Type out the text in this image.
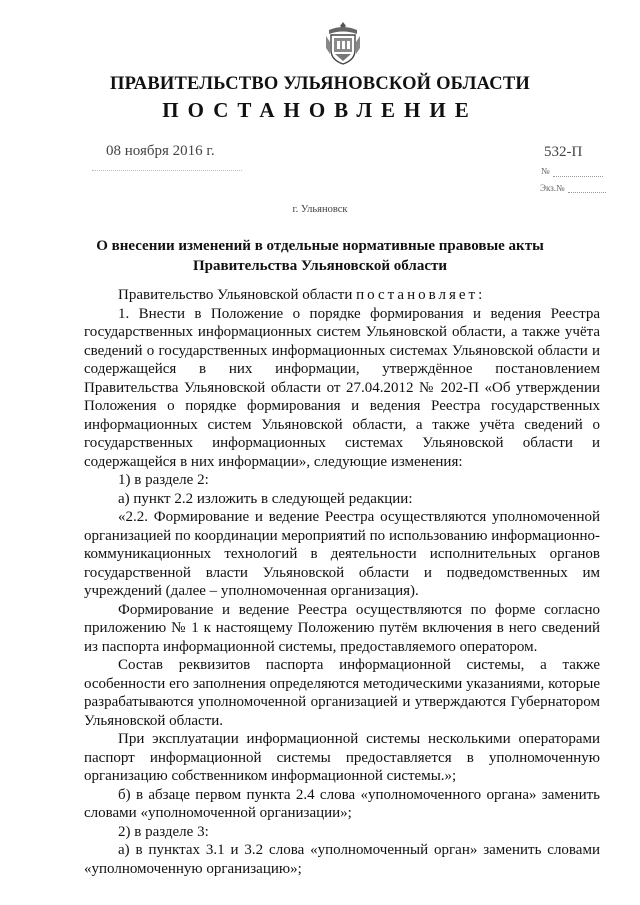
ПРАВИТЕЛЬСТВО УЛЬЯНОВСКОЙ ОБЛАСТИ
ПОСТАНОВЛЕНИЕ
08 ноября 2016 г.	532-П
№
Экз.№
г. Ульяновск
О внесении изменений в отдельные нормативные правовые акты
Правительства Ульяновской области

Правительство Ульяновской области постановляет:

1. Внести в Положение о порядке формирования и ведения Реестра государственных информационных систем Ульяновской области, а также учёта сведений о государственных информационных системах Ульяновской области и содержащейся в них информации, утверждённое постановлением Правительства Ульяновской области от 27.04.2012 № 202-П «Об утверждении Положения о порядке формирования и ведения Реестра государственных информационных систем Ульяновской области, а также учёта сведений о государственных информационных системах Ульяновской области и содержащейся в них информации», следующие изменения:

1) в разделе 2:

а) пункт 2.2 изложить в следующей редакции:

«2.2. Формирование и ведение Реестра осуществляются уполномоченной организацией по координации мероприятий по использованию информационно-коммуникационных технологий в деятельности исполнительных органов государственной власти Ульяновской области и подведомственных им учреждений (далее – уполномоченная организация).

Формирование и ведение Реестра осуществляются по форме согласно приложению № 1 к настоящему Положению путём включения в него сведений из паспорта информационной системы, предоставляемого оператором.

Состав реквизитов паспорта информационной системы, а также особенности его заполнения определяются методическими указаниями, которые разрабатываются уполномоченной организацией и утверждаются Губернатором Ульяновской области.

При эксплуатации информационной системы несколькими операторами паспорт информационной системы предоставляется в уполномоченную организацию собственником информационной системы.»;

б) в абзаце первом пункта 2.4 слова «уполномоченного органа» заменить словами «уполномоченной организации»;

2) в разделе 3:

а) в пунктах 3.1 и 3.2 слова «уполномоченный орган» заменить словами «уполномоченную организацию»;
